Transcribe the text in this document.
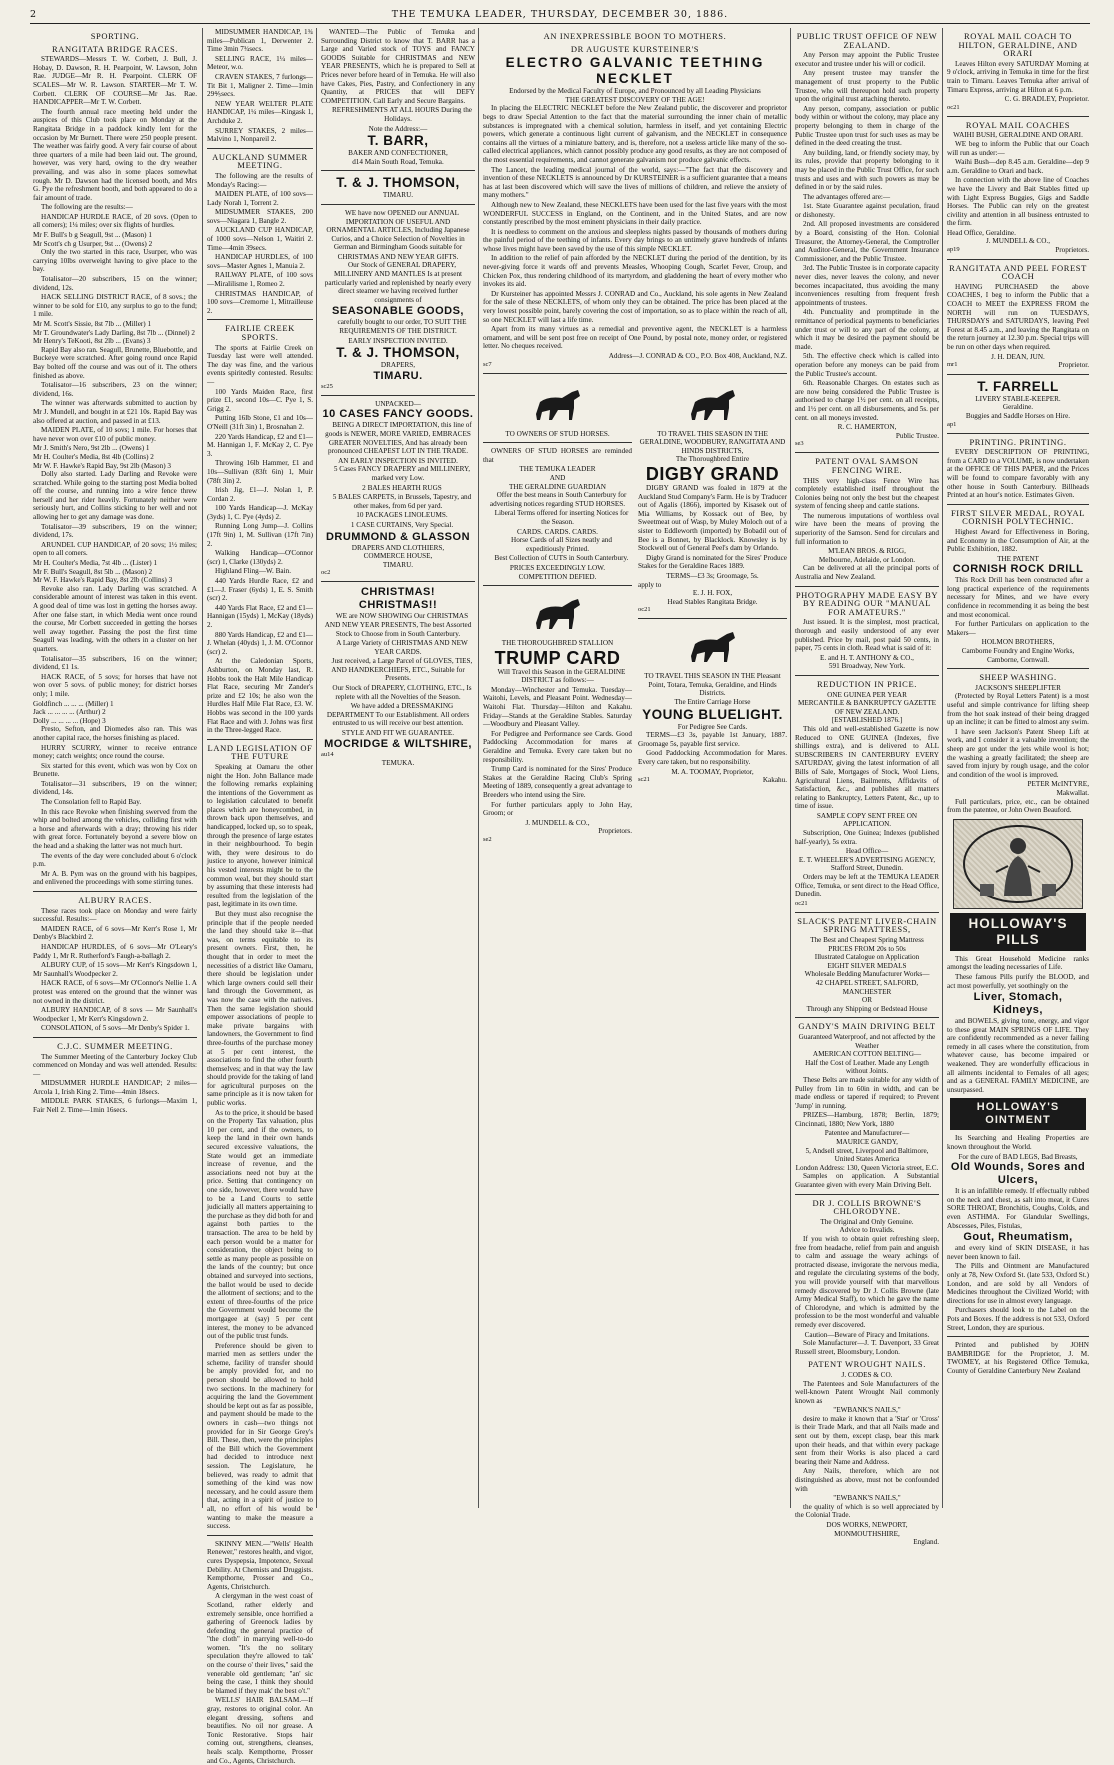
2	THE TEMUKA LEADER, THURSDAY, DECEMBER 30, 1886.
SPORTING.
RANGITATA BRIDGE RACES.

STEWARDS—Messrs T. W. Corbett, J. Bull, J. Hobay, D. Dawson, R. H. Pearpoint, W. Lawson, John Rae. JUDGE—Mr R. H. Pearpoint. CLERK OF SCALES—Mr W. R. Lawson. STARTER—Mr T. W. Corbett. CLERK OF COURSE—Mr Jas. Rae. HANDICAPPER—Mr T. W. Corbett.

The fourth annual race meeting held under the auspices of this Club took place on Monday at the Rangitata Bridge in a paddock kindly lent for the occasion by Mr Burnett. There were 250 people present. The weather was fairly good. A very fair course of about three quarters of a mile had been laid out. The ground, however, was very hard, owing to the dry weather prevailing, and was also in some places somewhat rough. Mr D. Dawson had the licensed booth, and Mrs G. Pye the refreshment booth, and both appeared to do a fair amount of trade.

The following are the results:—

HANDICAP HURDLE RACE, of 20 sovs. (Open to all comers); 1¼ miles; over six flights of hurdles.

Mr F. Bull's b g Seagull, 9st ... (Mason) 1
Mr Scott's ch g Usurper, 9st ... (Owens) 2

Only the two started in this race, Usurper, who was carrying 10lbs overweight having to give place to the bay.

Totalisator—20 subscribers, 15 on the winner; dividend, 12s.

HACK SELLING DISTRICT RACE, of 8 sovs.; the winner to be sold for £10, any surplus to go to the fund; 1 mile.

Mr M. Scott's Sissie, 8st 7lb ... (Miller) 1
Mr T. Groundwater's Lady Darling, 8st 7lb ... (Dinnel) 2
Mr Henry's TeKooti, 8st 2lb ... (Evans) 3

Rapid Bay also ran. Seagull, Brunette, Bluebottle, and Buckeye were scratched. After going round once Rapid Bay bolted off the course and was out of it. The others finished as above.

Totalisator—16 subscribers, 23 on the winner; dividend, 16s.

The winner was afterwards submitted to auction by Mr J. Mundell, and bought in at £21 10s. Rapid Bay was also offered at auction, and passed in at £13.

MAIDEN PLATE, of 10 sovs; 1 mile. For horses that have never won over £10 of public money.

Mr J. Smith's Nero, 9st 2lb ... (Owens) 1
Mr H. Coulter's Media, 8st 4lb (Collins) 2
Mr W. F. Hawke's Rapid Bay, 9st 2lb (Mason) 3

Dolly also started. Lady Darling and Revoke were scratched. While going to the starting post Media bolted off the course, and running into a wire fence threw herself and her rider heavily. Fortunately neither were seriously hurt, and Collins sticking to her well and not allowing her to get any damage was done.

Totalisator—39 subscribers, 19 on the winner; dividend, 17s.

ARUNDEL CUP HANDICAP, of 20 sovs; 1½ miles; open to all comers.

Mr H. Coulter's Media, 7st 4lb ... (Lister) 1
Mr F. Bull's Seagull, 8st 5lb ... (Mason) 2
Mr W. F. Hawke's Rapid Bay, 8st 2lb (Collins) 3

Revoke also ran. Lady Darling was scratched. A considerable amount of interest was taken in this event. A good deal of time was lost in getting the horses away. After one false start, in which Media went once round the course, Mr Corbett succeeded in getting the horses well away together. Passing the post the first time Seagull was leading, with the others in a cluster on her quarters.

Totalisator—35 subscribers, 16 on the winner; dividend, £1 1s.

HACK RACE, of 5 sovs; for horses that have not won over 5 sovs. of public money; for district horses only; 1 mile.

Goldfinch ... ... ... (Miller) 1
Jack ... ... ... ... (Arthur) 2
Dolly ... ... ... ... (Hope) 3

Presto, Sefton, and Diomedes also ran. This was another capital race, the horses finishing as placed.

HURRY SCURRY, winner to receive entrance money; catch weights; once round the course.

Six started for this event, which was won by Cox on Brunette.

Totalisator—31 subscribers, 19 on the winner; dividend, 14s.

The Consolation fell to Rapid Bay.

In this race Revoke when finishing swerved from the whip and bolted among the vehicles, colliding first with a horse and afterwards with a dray; throwing his rider with great force. Fortunately beyond a severe blow on the head and a shaking the latter was not much hurt.

The events of the day were concluded about 6 o'clock p.m.

Mr A. B. Pym was on the ground with his bagpipes, and enlivened the proceedings with some stirring tunes.

ALBURY RACES.

These races took place on Monday and were fairly successful. Results:—

MAIDEN RACE, of 6 sovs—Mr Kerr's Rose 1, Mr Denby's Blackbird 2.

HANDICAP HURDLES, of 6 sovs—Mr O'Leary's Paddy 1, Mr R. Rutherford's Faugh-a-ballagh 2.

ALBURY CUP, of 15 sovs—Mr Kerr's Kingsdown 1, Mr Saunhall's Woodpecker 2.

HACK RACE, of 6 sovs—Mr O'Connor's Nellie 1. A protest was entered on the ground that the winner was not owned in the district.

ALBURY HANDICAP, of 8 sovs — Mr Saunhall's Woodpecker 1, Mr Kerr's Kingsdown 2.

CONSOLATION, of 5 sovs—Mr Denby's Spider 1.

C.J.C. SUMMER MEETING.

The Summer Meeting of the Canterbury Jockey Club commenced on Monday and was well attended. Results:—

MIDSUMMER HURDLE HANDICAP; 2 miles—Arcola 1, Irish King 2. Time—4min 18secs.

MIDDLE PARK STAKES, 6 furlongs—Maxim 1, Fair Nell 2. Time—1min 16secs.

MIDSUMMER HANDICAP, 1¾ miles—Publican 1, Derwenter 2. Time 3min 7¾secs.

SELLING RACE, 1¼ miles—Meteor, w.o.

CRAVEN STAKES, 7 furlongs—Tit Bit 1, Maligner 2. Time—1min 29⅘secs.

NEW YEAR WELTER PLATE HANDICAP, 1¼ miles—Kingask 1, Archduke 2.

SURREY STAKES, 2 miles—Malvino 1, Nonpareil 2.

AUCKLAND SUMMER MEETING.

The following are the results of Monday's Racing:—

MAIDEN PLATE, of 100 sovs—Lady Norah 1, Torrent 2.

MIDSUMMER STAKES, 200 sovs—Niagara 1, Bangle 2.

AUCKLAND CUP HANDICAP, of 1000 sovs—Nelson 1, Waitiri 2. Time—4min 39secs.

HANDICAP HURDLES, of 100 sovs—Master Agnes 1, Manuia 2.

RAILWAY PLATE, of 100 sovs—Miralilisme 1, Romeo 2.

CHRISTMAS HANDICAP, of 100 sovs—Cremorne 1, Mitrailleuse 2.

FAIRLIE CREEK SPORTS.

The sports at Fairlie Creek on Tuesday last were well attended. The day was fine, and the various events spiritedly contested. Results:—

100 Yards Maiden Race, first prize £1, second 10s—C. Pye 1, S. Grigg 2.

Putting 16lb Stone, £1 and 10s—O'Neill (31ft 3in) 1, Brosnahan 2.

220 Yards Handicap, £2 and £1—M. Hannigan 1, F. McKay 2, C. Pye 3.

Throwing 16lb Hammer, £1 and 10s—Sullivan (83ft 6in) 1, Muir (78ft 3in) 2.

Irish Jig, £1—J. Nolan 1, P. Cordan 2.

100 Yards Handicap—J. McKay (3yds) 1, C. Pye (4yds) 2.

Running Long Jump—J. Collins (17ft 9in) 1, M. Sullivan (17ft 7in) 2.

Walking Handicap—O'Connor (scr) 1, Clarke (130yds) 2.

Highland Fling—W. Bain.

440 Yards Hurdle Race, £2 and £1—J. Fraser (6yds) 1, E. S. Smith (scr) 2.

440 Yards Flat Race, £2 and £1—Hannigan (15yds) 1, McKay (18yds) 2.

880 Yards Handicap, £2 and £1—J. Whelan (40yds) 1, J. M. O'Connor (scr) 2.

At the Caledonian Sports, Ashburton, on Monday last, R. Hobbs took the Halt Mile Handicap Flat Race, securing Mr Zander's prize and £2 10s; he also won the Hurdles Half Mile Flat Race, £3. W. Hobbs was second in the 100 yards Flat Race and with J. Johns was first in the Three-legged Race.

LAND LEGISLATION OF THE FUTURE

Speaking at Oamaru the other night the Hon. John Ballance made the following remarks explaining the intentions of the Government as to legislation calculated to benefit places which are honeycombed, in thrown back upon themselves, and handicapped, locked up, so to speak, through the presence of large estates in their neighbourhood. To begin with, they were desirous to do justice to anyone, however inimical his vested interests might be to the common weal, but they should start by assuming that these interests had resulted from the legislation of the past, legitimate in its own time.

But they must also recognise the principle that if the people needed the land they should take it—that was, on terms equitable to its present owners. First, then, he thought that in order to meet the necessities of a district like Oamaru, there should be legislation under which large owners could sell their land through the Government, as was now the case with the natives. Then the same legislation should empower associations of people to make private bargains with landowners, the Government to find three-fourths of the purchase money at 5 per cent interest, the associations to find the other fourth themselves; and in that way the law should provide for the taking of land for agricultural purposes on the same principle as it is now taken for public works.

As to the price, it should be based on the Property Tax valuation, plus 10 per cent, and if the owners, to keep the land in their own hands secured excessive valuations, the State would get an immediate increase of revenue, and the associations need not buy at the price. Setting that contingency on one side, however, there would have to be a Land Courts to settle judicially all matters appertaining to the purchase as they did both for and against both parties to the transaction. The area to be held by each person would be a matter for consideration, the object being to settle as many people as possible on the lands of the country; but once obtained and surveyed into sections, the ballot would be used to decide the allotment of sections; and to the extent of three-fourths of the price the Government would become the mortgagee at (say) 5 per cent interest, the money to be advanced out of the public trust funds.

Preference should be given to married men as settlers under the scheme, facility of transfer should be amply provided for, and no person should be allowed to hold two sections. In the machinery for acquiring the land the Government should be kept out as far as possible, and payment should be made to the owners in cash—two things not provided for in Sir George Grey's Bill. These, then, were the principles of the Bill which the Government had decided to introduce next session. The Legislature, he believed, was ready to admit that something of the kind was now necessary, and he could assure them that, acting in a spirit of justice to all, no effort of his would be wanting to make the measure a success.

SKINNY MEN.—"Wells' Health Renewer," restores health, and vigor, cures Dyspepsia, Impotence, Sexual Debility. At Chemists and Druggists. Kempthorne, Prosser and Co., Agents, Christchurch.

A clergyman in the west coast of Scotland, rather elderly and extremely sensible, once horrified a gathering of Greenock ladies by defending the general practice of "the cloth" in marrying well-to-do women. "It's the no solitary speculation they're allowed to tak' on the course o' their lives," said the venerable old gentleman; "an' sic being the case, I think they should be blamed if they mak' the best o't."

WELLS' HAIR BALSAM.—If gray, restores to original color. An elegant dressing, softens and beautifies. No oil nor grease. A Tonic Restorative. Stops hair coming out, strengthens, cleanses, heals scalp. Kempthorne, Prosser and Co., Agents, Christchurch.

WANTED—The Public of Temuka and Surrounding District to know that T. BARR has a Large and Varied stock of TOYS and FANCY GOODS Suitable for CHRISTMAS and NEW YEAR PRESENTS, which he is prepared to Sell at Prices never before heard of in Temuka. He will also have Cakes, Pies, Pastry, and Confectionery in any Quantity, at PRICES that will DEFY COMPETITION. Call Early and Secure Bargains.

REFRESHMENTS AT ALL HOURS During the Holidays.

Note the Address:—
T. BARR,
BAKER AND CONFECTIONER,
d14 Main South Road, Temuka.
T. & J. THOMSON,
TIMARU.

WE have now OPENED our ANNUAL IMPORTATION OF USEFUL AND ORNAMENTAL ARTICLES, Including Japanese Curios, and a Choice Selection of Novelties in German and Birmingham Goods suitable for

CHRISTMAS AND NEW YEAR GIFTS.

Our Stock of GENERAL DRAPERY, MILLINERY AND MANTLES Is at present particularly varied and replenished by nearly every direct steamer we having received further consignments of

SEASONABLE GOODS,

carefully bought to our order, TO SUIT THE REQUIREMENTS OF THE DISTRICT.

EARLY INSPECTION INVITED.
T. & J. THOMSON,
DRAPERS,
TIMARU.
sc25
UNPACKED—
10 CASES FANCY GOODS.

BEING A DIRECT IMPORTATION, this line of goods is NEWER, MORE VARIED, EMBRACES GREATER NOVELTIES, And has already been pronounced CHEAPEST LOT IN THE TRADE.

AN EARLY INSPECTION IS INVITED.

5 Cases FANCY DRAPERY and MILLINERY, marked very Low.

2 BALES HEARTH RUGS

5 BALES CARPETS, in Brussels, Tapestry, and other makes, from 6d per yard.

10 PACKAGES LINOLEUMS.

1 CASE CURTAINS, Very Special.

DRUMMOND & GLASSON
DRAPERS AND CLOTHIERS,
COMMERCE HOUSE,
TIMARU.
oc2
CHRISTMAS! CHRISTMAS!!

WE are NOW SHOWING Our CHRISTMAS AND NEW YEAR PRESENTS, The best Assorted Stock to Choose from in South Canterbury.

A Large Variety of CHRISTMAS AND NEW YEAR CARDS.

Just received, a Large Parcel of GLOVES, TIES, AND HANDKERCHIEFS, ETC., Suitable for Presents.

Our Stock of DRAPERY, CLOTHING, ETC., Is replete with all the Novelties of the Season.

We have added a DRESSMAKING DEPARTMENT To our Establishment. All orders entrusted to us will receive our best attention.

STYLE AND FIT WE GUARANTEE.
MOCRIDGE & WILTSHIRE,
au14
TEMUKA.
AN INEXPRESSIBLE BOON TO MOTHERS.
DR AUGUSTE KURSTEINER'S
ELECTRO GALVANIC TEETHING NECKLET
Endorsed by the Medical Faculty of Europe, and Pronounced by all Leading Physicians
THE GREATEST DISCOVERY OF THE AGE!

In placing the ELECTRIC NECKLET before the New Zealand public, the discoverer and proprietor begs to draw Special Attention to the fact that the material surrounding the inner chain of metallic substances is impregnated with a chemical solution, harmless in itself, and yet containing Electric powers, which generate a continuous light current of galvanism, and the NECKLET in consequence contains all the virtues of a miniature battery, and is, therefore, not a useless article like many of the so-called electrical appliances, which cannot possibly produce any good results, as they are not composed of the most essential requirements, and cannot generate galvanism nor produce galvanic effects.

The Lancet, the leading medical journal of the world, says:—"The fact that the discovery and invention of these NECKLETS is announced by Dr KURSTEINER is a sufficient guarantee that a means has at last been discovered which will save the lives of millions of children, and relieve the anxiety of many mothers."

Although new to New Zealand, these NECKLETS have been used for the last five years with the most WONDERFUL SUCCESS in England, on the Continent, and in the United States, and are now constantly prescribed by the most eminent physicians in their daily practice.

It is needless to comment on the anxious and sleepless nights passed by thousands of mothers during the painful period of the teething of infants. Every day brings to an untimely grave hundreds of infants whose lives might have been saved by the use of this simple NECKLET.

In addition to the relief of pain afforded by the NECKLET during the period of the dentition, by its never-giving force it wards off and prevents Measles, Whooping Cough, Scarlet Fever, Croup, and Chicken Pox, thus rendering childhood of its martyrdom, and gladdening the heart of every mother who invokes its aid.

Dr Kursteiner has appointed Messrs J. CONRAD and Co., Auckland, his sole agents in New Zealand for the sale of these NECKLETS, of whom only they can be obtained. The price has been placed at the very lowest possible point, barely covering the cost of importation, so as to place within the reach of all, so one NECKLET will last a life time.

Apart from its many virtues as a remedial and preventive agent, the NECKLET is a harmless ornament, and will be sent post free on receipt of One Pound, by postal note, money order, or registered letter. No cheques received.

Address—J. CONRAD & CO., P.O. Box 408, Auckland, N.Z.
sc7
TO OWNERS OF STUD HORSES.

OWNERS OF STUD HORSES are reminded that

THE TEMUKA LEADER
AND
THE GERALDINE GUARDIAN

Offer the best means in South Canterbury for advertising notices regarding STUD HORSES.

Liberal Terms offered for inserting Notices for the Season.

CARDS. CARDS. CARDS.

Horse Cards of all Sizes neatly and expeditiously Printed.

Best Collection of CUTS in South Canterbury.

PRICES EXCEEDINGLY LOW.
COMPETITION DEFIED.
THE THOROUGHBRED STALLION
TRUMP CARD

Will Travel this Season in the GERALDINE DISTRICT as follows:—

Monday—Winchester and Temuka. Tuesday—Waitohi, Levels, and Pleasant Point. Wednesday—Waitohi Flat. Thursday—Hilton and Kakahu. Friday—Stands at the Geraldine Stables. Saturday—Woodbury and Pleasant Valley.

For Pedigree and Performance see Cards. Good Paddocking Accommodation for mares at Geraldine and Temuka. Every care taken but no responsibility.

Trump Card is nominated for the Sires' Produce Stakes at the Geraldine Racing Club's Spring Meeting of 1889, consequently a great advantage to Breeders who intend using the Sire.

For further particulars apply to John Hay, Groom; or

J. MUNDELL & CO.,
Proprietors.
se2
TO TRAVEL THIS SEASON IN THE GERALDINE, WOODBURY, RANGITATA AND HINDS DISTRICTS,
The Thoroughbred Entire
DIGBY GRAND

DIGBY GRAND was foaled in 1879 at the Auckland Stud Company's Farm. He is by Traducer out of Agalis (1866), imported by Kisasek out of Mia Williams, by Kossack out of Bee, by Sweetmeat out of Wasp, by Muley Moloch out of a sister to Eddleworth (imported) by Bobadil out of Bee is a Bonnet, by Blacklock. Knowsley is by Stockwell out of General Peel's dam by Orlando.

Digby Grand is nominated for the Sires' Produce Stakes for the Geraldine Races 1889.

TERMS—£3 3s; Groomage, 5s.
apply to
E. J. H. FOX,
Head Stables Rangitata Bridge.
oc21
TO TRAVEL THIS SEASON IN THE Pleasant Point, Totara, Temuka, Geraldine, and Hinds Districts.
The Entire Carriage Horse
YOUNG BLUELIGHT.
For Pedigree See Cards.

TERMS—£3 3s, payable 1st January, 1887. Groomage 5s, payable first service.

Good Paddocking Accommodation for Mares. Every care taken, but no responsibility.

M. A. TOOMAY, Proprietor,
sc21	Kakahu.
PUBLIC TRUST OFFICE OF NEW ZEALAND.

Any Person may appoint the Public Trustee executor and trustee under his will or codicil.

Any present trustee may transfer the management of trust property to the Public Trustee, who will thereupon hold such property upon the original trust attaching thereto.

Any person, company, association or public body within or without the colony, may place any property belonging to them in charge of the Public Trustee upon trust for such uses as may be defined in the deed creating the trust.

Any building, land, or friendly society may, by its rules, provide that property belonging to it may be placed in the Public Trust Office, for such trusts and uses and with such powers as may be defined in or by the said rules.

The advantages offered are:—

1st. State Guarantee against peculation, fraud or dishonesty.

2nd. All proposed investments are considered by a Board, consisting of the Hon. Colonial Treasurer, the Attorney-General, the Comptroller and Auditor-General, the Government Insurance Commissioner, and the Public Trustee.

3rd. The Public Trustee is in corporate capacity never dies, never leaves the colony, and never becomes incapacitated, thus avoiding the many inconveniences resulting from frequent fresh appointments of trustees.

4th. Punctuality and promptitude in the remittance of periodical payments to beneficiaries under trust or will to any part of the colony, at which it may be desired the payment should be made.

5th. The effective check which is called into operation before any moneys can be paid from the Public Trustee's account.

6th. Reasonable Charges. On estates such as are now being considered the Public Trustee is authorised to charge 1½ per cent. on all receipts, and 1½ per cent. on all disbursements, and 5s. per cent. on all moneys invested.

R. C. HAMERTON,
Public Trustee.
se3
PATENT OVAL SAMSON FENCING WIRE.

THIS very high-class Fence Wire has completely established itself throughout the Colonies being not only the best but the cheapest system of fencing sheep and cattle stations.

The numerous imputations of worthless oval wire have been the means of proving the superiority of the Samson. Send for circulars and full information to

M'LEAN BROS. & RIGG,
Melbourne, Adelaide, or London.

Can be delivered at all the principal ports of Australia and New Zealand.

PHOTOGRAPHY MADE EASY BY BY READING OUR "MANUAL FOR AMATEURS."

Just issued. It is the simplest, most practical, thorough and easily understood of any ever published. Price by mail, post paid 50 cents, in paper, 75 cents in cloth. Read what is said of it:

E. and H. T. ANTHONY & CO.,
591 Broadway, New York.
REDUCTION IN PRICE.
ONE GUINEA PER YEAR
MERCANTILE & BANKRUPTCY GAZETTE OF NEW ZEALAND.
[ESTABLISHED 1876.]

This old and well-established Gazette is now Reduced to ONE GUINEA (Indexes, five shillings extra), and is delivered to ALL SUBSCRIBERS IN CANTERBURY EVERY SATURDAY, giving the latest information of all Bills of Sale, Mortgages of Stock, Wool Liens, Agricultural Liens, Bailments, Affidavits of Satisfaction, &c., and publishes all matters relating to Bankruptcy, Letters Patent, &c., up to time of issue.

SAMPLE COPY SENT FREE ON APPLICATION.

Subscription, One Guinea; Indexes (published half-yearly), 5s extra.

Head Office—
E. T. WHEELER'S ADVERTISING AGENCY,
Stafford Street, Dunedin.

Orders may be left at the TEMUKA LEADER Office, Temuka, or sent direct to the Head Office, Dunedin.

oc21
SLACK'S PATENT LIVER-CHAIN SPRING MATTRESS,
The Best and Cheapest Spring Mattress
PRICES FROM 20s to 50s
Illustrated Catalogue on Application
EIGHT SILVER MEDALS
Wholesale Bedding Manufacturer Works—
42 CHAPEL STREET, SALFORD, MANCHESTER
OR
Through any Shipping or Bedstead House
GANDY'S MAIN DRIVING BELT
Guaranteed Waterproof, and not affected by the Weather
AMERICAN COTTON BELTING—
Half the Cost of Leather. Made any Length without Joints.

These Belts are made suitable for any width of Pulley from 1in to 60in in width, and can be made endless or tapered if required; to Prevent 'Jump' in running.

PRIZES—Hamburg, 1878; Berlin, 1879; Cincinnati, 1880; New York, 1880

Patentee and Manufacturer—
MAURICE GANDY,
5, Andsell street, Liverpool and Baltimore, United States America
London Address: 130, Queen Victoria street, E.C.

Samples on application. A Substantial Guarantee given with every Main Driving Belt.

DR J. COLLIS BROWNE'S CHLORODYNE.
The Original and Only Genuine.
Advice to Invalids.

If you wish to obtain quiet refreshing sleep, free from headache, relief from pain and anguish to calm and assuage the weary achings of protracted disease, invigorate the nervous media, and regulate the circulating systems of the body, you will provide yourself with that marvellous remedy discovered by Dr J. Collis Browne (late Army Medical Staff), to which he gave the name of Chlorodyne, and which is admitted by the profession to be the most wonderful and valuable remedy ever discovered.

Caution—Beware of Piracy and Imitations.

Sole Manufacturer—J. T. Davenport, 33 Great Russell street, Bloomsbury, London.

PATENT WROUGHT NAILS.
J. CODES & CO.

The Patentees and Sole Manufacturers of the well-known Patent Wrought Nail commonly known as

"EWBANK'S NAILS,"

desire to make it known that a 'Star' or 'Cross' is their Trade Mark, and that all Nails made and sent out by them, except clasp, bear this mark upon their heads, and that within every package sent from their Works is also placed a card bearing their Name and Address.

Any Nails, therefore, which are not distinguished as above, must not be confounded with

"EWBANK'S NAILS,"

the quality of which is so well appreciated by the Colonial Trade.

DOS WORKS, NEWPORT, MONMOUTHSHIRE,
England.
ROYAL MAIL COACH TO HILTON, GERALDINE, AND ORARI

Leaves Hilton every SATURDAY Morning at 9 o'clock, arriving in Temuka in time for the first train to Timaru. Leaves Temuka after arrival of Timaru Express, arriving at Hilton at 6 p.m.

C. G. BRADLEY, Proprietor.
oc21
ROYAL MAIL COACHES
WAIHI BUSH, GERALDINE AND ORARI.

WE beg to inform the Public that our Coach will run as under:—

Waihi Bush—dep 8.45 a.m. Geraldine—dep 9 a.m. Geraldine to Orari and back.

In connection with the above line of Coaches we have the Livery and Bait Stables fitted up with Light Express Buggies, Gigs and Saddle Horses. The Public can rely on the greatest civility and attention in all business entrusted to the firm.

Head Office, Geraldine.
J. MUNDELL & CO.,
ap19	Proprietors.
RANGITATA AND PEEL FOREST COACH

HAVING PURCHASED the above COACHES, I beg to inform the Public that a COACH to MEET the EXPRESS FROM the NORTH will run on TUESDAYS, THURSDAYS and SATURDAYS, leaving Peel Forest at 8.45 a.m., and leaving the Rangitata on the return journey at 12.30 p.m. Special trips will be run on other days when required.

J. H. DEAN, JUN.
mr1	Proprietor.
T. FARRELL
LIVERY STABLE-KEEPER.
Geraldine.
Buggies and Saddle Horses on Hire.
ap1
PRINTING. PRINTING.

EVERY DESCRIPTION OF PRINTING, from a CARD to a VOLUME, is now undertaken at the OFFICE OF THIS PAPER, and the Prices will be found to compare favorably with any other house in South Canterbury. Billheads Printed at an hour's notice. Estimates Given.

FIRST SILVER MEDAL, ROYAL CORNISH POLYTECHNIC.

Highest Award for Effectiveness in Boring, and Economy in the Consumption of Air, at the Public Exhibition, 1882.

THE PATENT
CORNISH ROCK DRILL

This Rock Drill has been constructed after a long practical experience of the requirements necessary for Mines, and we have every confidence in recommending it as being the best and most economical.

For further Particulars on application to the Makers—

HOLMON BROTHERS,
Camborne Foundry and Engine Works, Camborne, Cornwall.
SHEEP WASHING.
JACKSON'S SHEEPLIFTER

(Protected by Royal Letters Patent) is a most useful and simple contrivance for lifting sheep from the hot soak instead of their being dragged up an incline; it can be fitted to almost any swim.

I have seen Jackson's Patent Sheep Lift at work, and I consider it a valuable invention; the sheep are got under the jets while wool is hot; the washing a greatly facilitated; the sheep are saved from injury by rough usage, and the color and condition of the wool is improved.

PETER McINTYRE,
Makwallat.

Full particulars, price, etc., can be obtained from the patentee, or John Owen Beauford.

HOLLOWAY'S PILLS

This Great Household Medicine ranks amongst the leading necessaries of Life.

These famous Pills purify the BLOOD, and act most powerfully, yet soothingly on the

Liver, Stomach, Kidneys,

and BOWELS, giving tone, energy, and vigor to these great MAIN SPRINGS OF LIFE. They are confidently recommended as a never failing remedy in all cases where the constitution, from whatever cause, has become impaired or weakened. They are wonderfully efficacious in all ailments incidental to Females of all ages; and as a GENERAL FAMILY MEDICINE, are unsurpassed.

HOLLOWAY'S OINTMENT

Its Searching and Healing Properties are known throughout the World.

For the cure of BAD LEGS, Bad Breasts,
Old Wounds, Sores and Ulcers,

It is an infallible remedy. If effectually rubbed on the neck and chest, as salt into meat, it Cures SORE THROAT, Bronchitis, Coughs, Colds, and even ASTHMA. For Glandular Swellings, Abscesses, Piles, Fistulas,

Gout, Rheumatism,

and every kind of SKIN DISEASE, it has never been known to fail.

The Pills and Ointment are Manufactured only at 78, New Oxford St. (late 533, Oxford St.) London, and are sold by all Vendors of Medicines throughout the Civilized World; with directions for use in almost every language.

Purchasers should look to the Label on the Pots and Boxes. If the address is not 533, Oxford Street, London, they are spurious.

Printed and published by JOHN BAMBRIDGE for the Proprietor, J. M. TWOMEY, at his Registered Office Temuka, County of Geraldine Canterbury New Zealand
